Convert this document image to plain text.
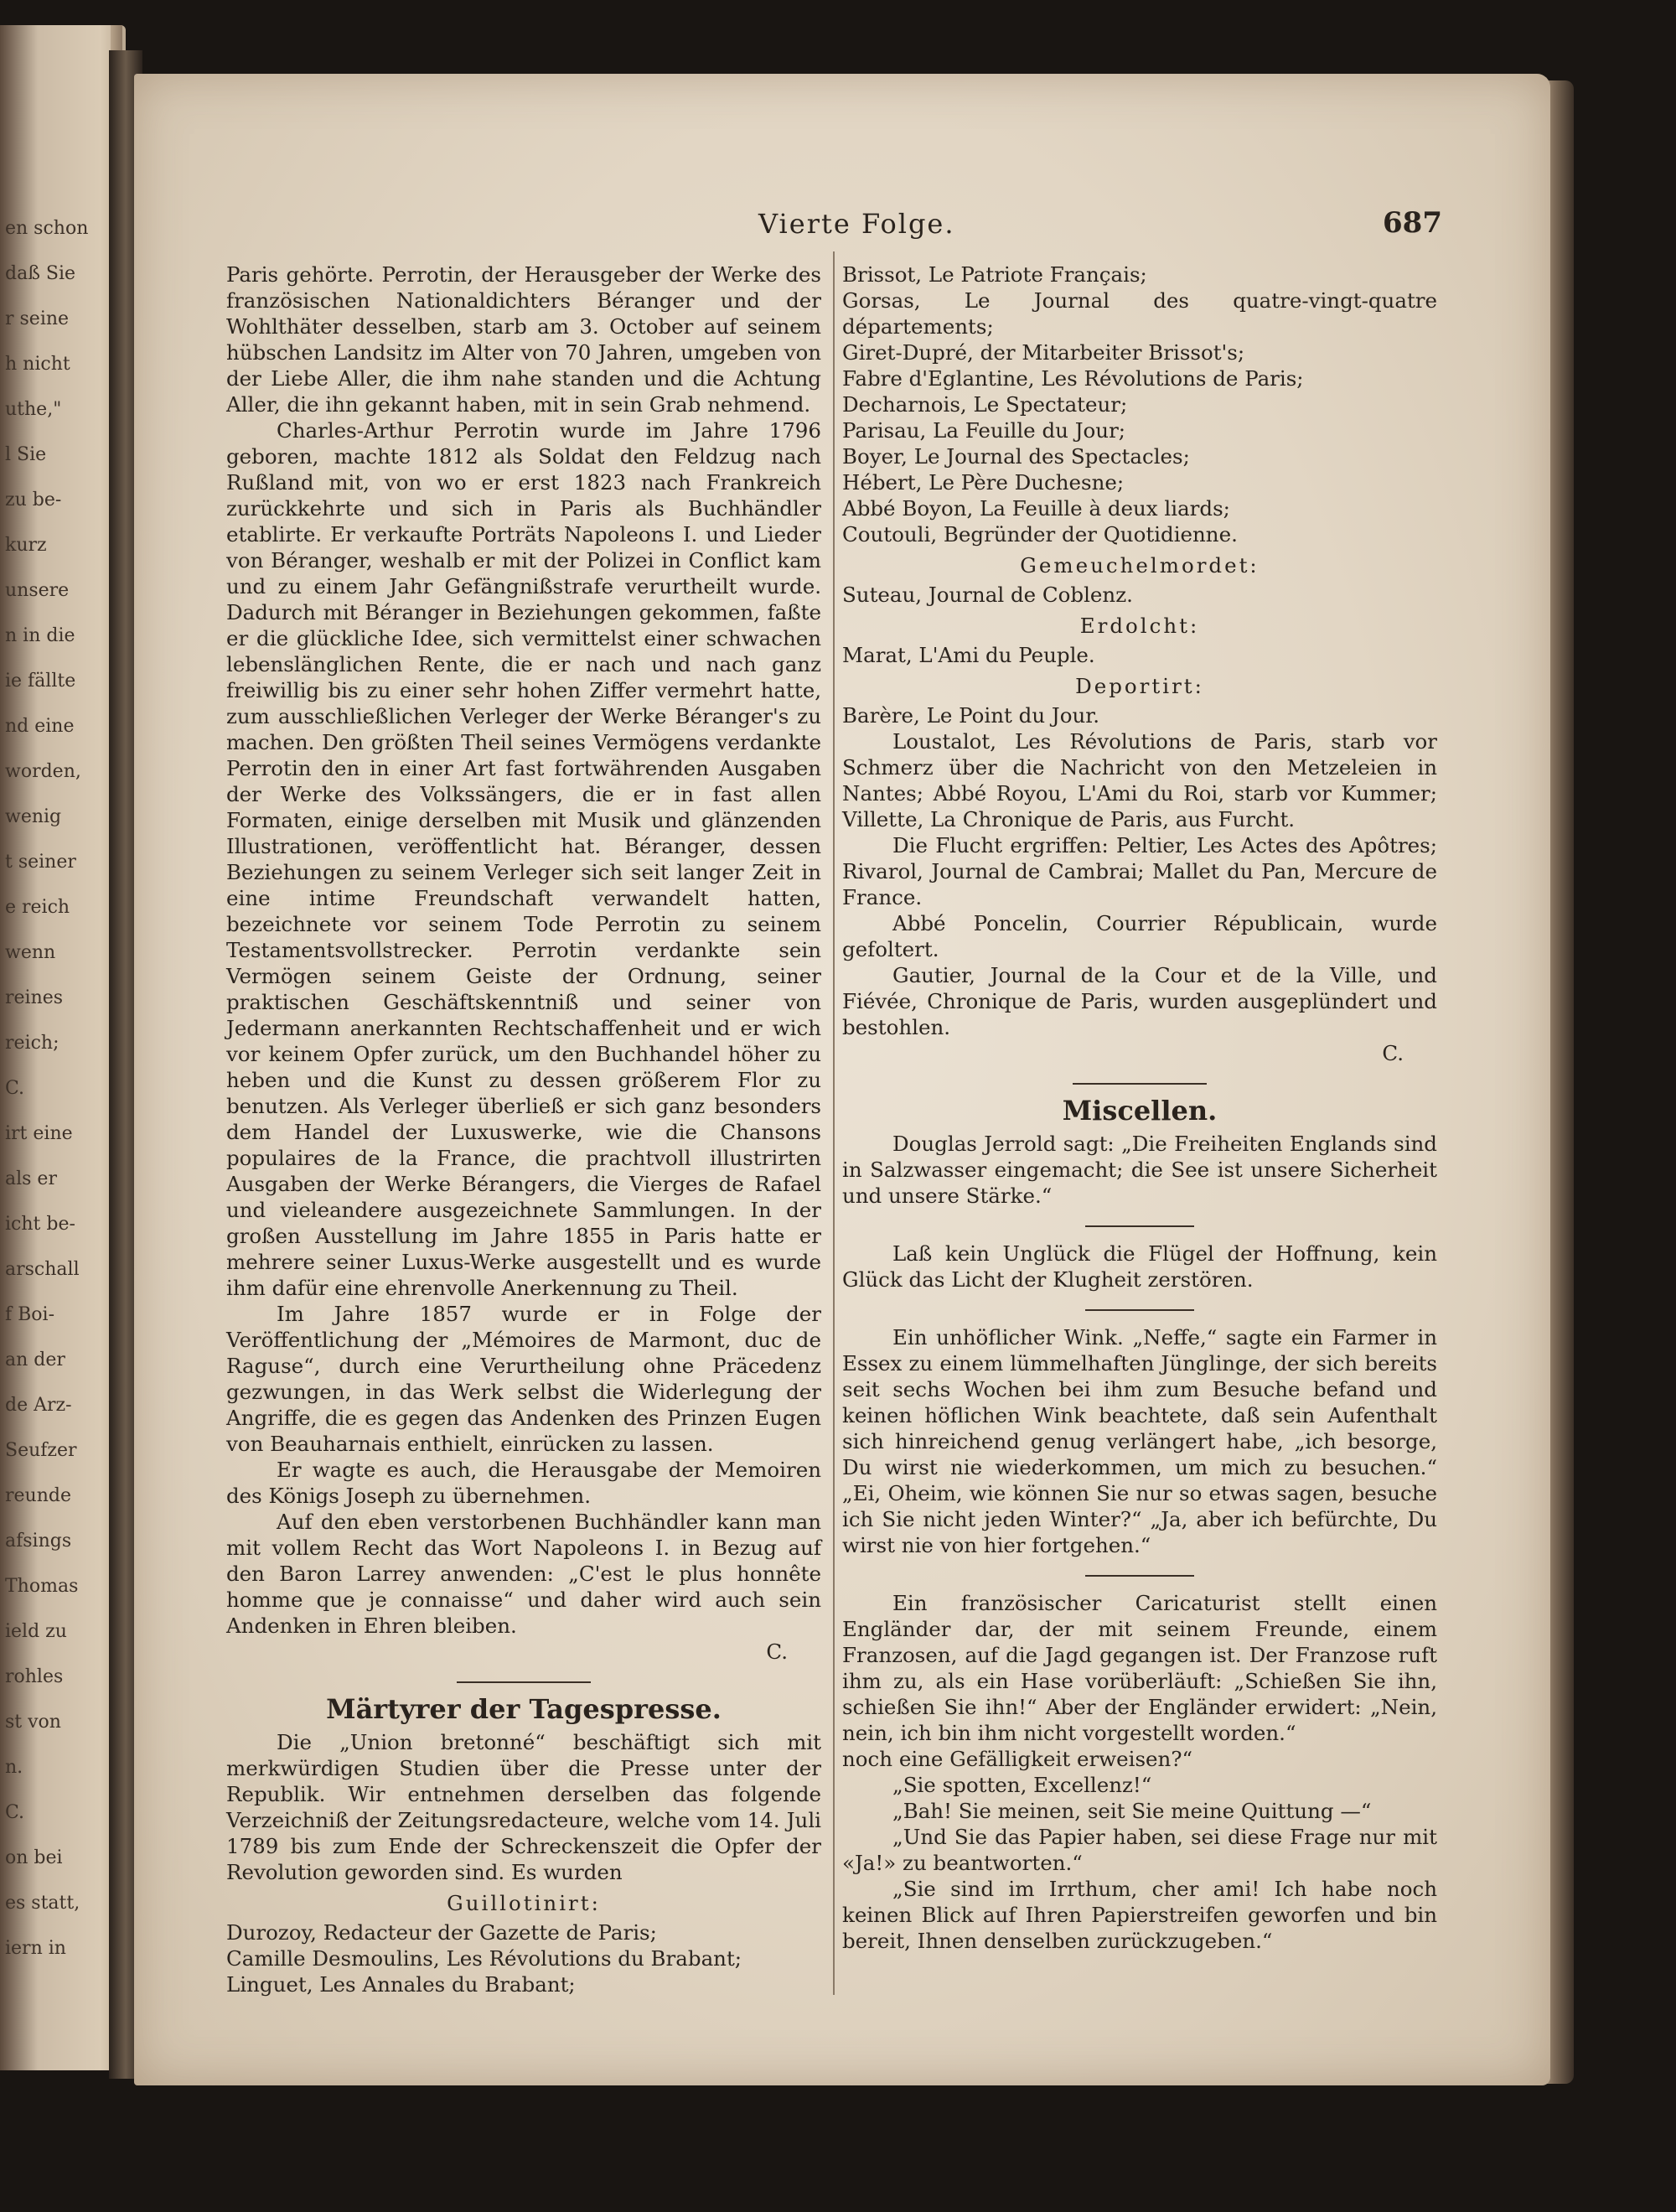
en schon
daß Sie
r seine
h nicht
uthe,"
l Sie
zu be-
kurz
unsere
n in die
ie fällte
nd eine
worden,
wenig
t seiner
e reich
wenn
reines
reich;
C.
irt eine
als er
icht be-
arschall
f Boi-
an der
de Arz-
Seufzer
reunde
afsings
Thomas
ield zu
rohles
st von
n.
C.
on bei
es statt,
iern in
Vierte Folge.	687

Paris gehörte. Perrotin, der Herausgeber der Werke des französischen Nationaldichters Béranger und der Wohlthäter desselben, starb am 3. October auf seinem hübschen Landsitz im Alter von 70 Jahren, umgeben von der Liebe Aller, die ihm nahe standen und die Achtung Aller, die ihn gekannt haben, mit in sein Grab nehmend.

Charles-Arthur Perrotin wurde im Jahre 1796 geboren, machte 1812 als Soldat den Feldzug nach Rußland mit, von wo er erst 1823 nach Frankreich zurückkehrte und sich in Paris als Buchhändler etablirte. Er verkaufte Porträts Napoleons I. und Lieder von Béranger, weshalb er mit der Polizei in Conflict kam und zu einem Jahr Gefängnißstrafe verurtheilt wurde. Dadurch mit Béranger in Beziehungen gekommen, faßte er die glückliche Idee, sich vermittelst einer schwachen lebenslänglichen Rente, die er nach und nach ganz freiwillig bis zu einer sehr hohen Ziffer vermehrt hatte, zum ausschließlichen Verleger der Werke Béranger's zu machen. Den größten Theil seines Vermögens verdankte Perrotin den in einer Art fast fortwährenden Ausgaben der Werke des Volkssängers, die er in fast allen Formaten, einige derselben mit Musik und glänzenden Illustrationen, veröffentlicht hat. Béranger, dessen Beziehungen zu seinem Verleger sich seit langer Zeit in eine intime Freundschaft verwandelt hatten, bezeichnete vor seinem Tode Perrotin zu seinem Testamentsvollstrecker. Perrotin verdankte sein Vermögen seinem Geiste der Ordnung, seiner praktischen Geschäftskenntniß und seiner von Jedermann anerkannten Rechtschaffenheit und er wich vor keinem Opfer zurück, um den Buchhandel höher zu heben und die Kunst zu dessen größerem Flor zu benutzen. Als Verleger überließ er sich ganz besonders dem Handel der Luxuswerke, wie die Chansons populaires de la France, die prachtvoll illustrirten Ausgaben der Werke Bérangers, die Vierges de Rafael und vieleandere ausgezeichnete Sammlungen. In der großen Ausstellung im Jahre 1855 in Paris hatte er mehrere seiner Luxus-Werke ausgestellt und es wurde ihm dafür eine ehrenvolle Anerkennung zu Theil.

Im Jahre 1857 wurde er in Folge der Veröffentlichung der „Mémoires de Marmont, duc de Raguse“, durch eine Verurtheilung ohne Präcedenz gezwungen, in das Werk selbst die Widerlegung der Angriffe, die es gegen das Andenken des Prinzen Eugen von Beauharnais enthielt, einrücken zu lassen.

Er wagte es auch, die Herausgabe der Memoiren des Königs Joseph zu übernehmen.

Auf den eben verstorbenen Buchhändler kann man mit vollem Recht das Wort Napoleons I. in Bezug auf den Baron Larrey anwenden: „C'est le plus honnête homme que je connaisse“ und daher wird auch sein Andenken in Ehren bleiben.

C.

Märtyrer der Tagespresse.

Die „Union bretonné“ beschäftigt sich mit merkwürdigen Studien über die Presse unter der Republik. Wir entnehmen derselben das folgende Verzeichniß der Zeitungsredacteure, welche vom 14. Juli 1789 bis zum Ende der Schreckenszeit die Opfer der Revolution geworden sind. Es wurden

Guillotinirt:

Durozoy, Redacteur der Gazette de Paris;

Camille Desmoulins, Les Révolutions du Brabant;

Linguet, Les Annales du Brabant;

Brissot, Le Patriote Français;

Gorsas, Le Journal des quatre-vingt-quatre départements;

Giret-Dupré, der Mitarbeiter Brissot's;

Fabre d'Eglantine, Les Révolutions de Paris;

Decharnois, Le Spectateur;

Parisau, La Feuille du Jour;

Boyer, Le Journal des Spectacles;

Hébert, Le Père Duchesne;

Abbé Boyon, La Feuille à deux liards;

Coutouli, Begründer der Quotidienne.

Gemeuchelmordet:

Suteau, Journal de Coblenz.

Erdolcht:

Marat, L'Ami du Peuple.

Deportirt:

Barère, Le Point du Jour.

Loustalot, Les Révolutions de Paris, starb vor Schmerz über die Nachricht von den Metzeleien in Nantes; Abbé Royou, L'Ami du Roi, starb vor Kummer; Villette, La Chronique de Paris, aus Furcht.

Die Flucht ergriffen: Peltier, Les Actes des Apôtres; Rivarol, Journal de Cambrai; Mallet du Pan, Mercure de France.

Abbé Poncelin, Courrier Républicain, wurde gefoltert.

Gautier, Journal de la Cour et de la Ville, und Fiévée, Chronique de Paris, wurden ausgeplündert und bestohlen.

C.

Miscellen.

Douglas Jerrold sagt: „Die Freiheiten Englands sind in Salzwasser eingemacht; die See ist unsere Sicherheit und unsere Stärke.“

Laß kein Unglück die Flügel der Hoffnung, kein Glück das Licht der Klugheit zerstören.

Ein unhöflicher Wink. „Neffe,“ sagte ein Farmer in Essex zu einem lümmelhaften Jünglinge, der sich bereits seit sechs Wochen bei ihm zum Besuche befand und keinen höflichen Wink beachtete, daß sein Aufenthalt sich hinreichend genug verlängert habe, „ich besorge, Du wirst nie wiederkommen, um mich zu besuchen.“ „Ei, Oheim, wie können Sie nur so etwas sagen, besuche ich Sie nicht jeden Winter?“ „Ja, aber ich befürchte, Du wirst nie von hier fortgehen.“

Ein französischer Caricaturist stellt einen Engländer dar, der mit seinem Freunde, einem Franzosen, auf die Jagd gegangen ist. Der Franzose ruft ihm zu, als ein Hase vorüberläuft: „Schießen Sie ihn, schießen Sie ihn!“ Aber der Engländer erwidert: „Nein, nein, ich bin ihm nicht vorgestellt worden.“

noch eine Gefälligkeit erweisen?“

„Sie spotten, Excellenz!“

„Bah! Sie meinen, seit Sie meine Quittung —“

„Und Sie das Papier haben, sei diese Frage nur mit «Ja!» zu beantworten.“

„Sie sind im Irrthum, cher ami! Ich habe noch keinen Blick auf Ihren Papierstreifen geworfen und bin bereit, Ihnen denselben zurückzugeben.“
